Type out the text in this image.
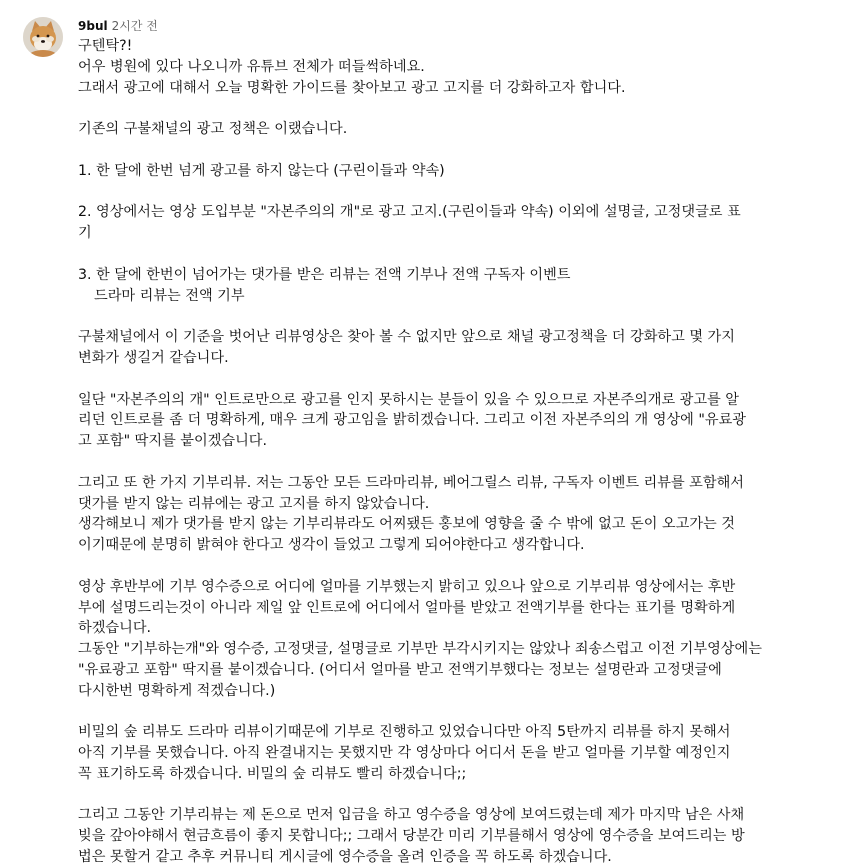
9bul 2시간 전
구텐탁?!
어우 병원에 있다 나오니까 유튜브 전체가 떠들썩하네요.
그래서 광고에 대해서 오늘 명확한 가이드를 찾아보고 광고 고지를 더 강화하고자 합니다.
기존의 구불채널의 광고 정책은 이랬습니다.
1. 한 달에 한번 넘게 광고를 하지 않는다 (구린이들과 약속)
2. 영상에서는 영상 도입부분 "자본주의의 개"로 광고 고지.(구린이들과 약속) 이외에 설명글, 고정댓글로 표
기
3. 한 달에 한번이 넘어가는 댓가를 받은 리뷰는 전액 기부나 전액 구독자 이벤트
드라마 리뷰는 전액 기부
구불채널에서 이 기준을 벗어난 리뷰영상은 찾아 볼 수 없지만 앞으로 채널 광고정책을 더 강화하고 몇 가지
변화가 생길거 같습니다.
일단 "자본주의의 개" 인트로만으로 광고를 인지 못하시는 분들이 있을 수 있으므로 자본주의개로 광고를 알
리던 인트로를 좀 더 명확하게, 매우 크게 광고임을 밝히겠습니다. 그리고 이전 자본주의의 개 영상에 "유료광
고 포함" 딱지를 붙이겠습니다.
그리고 또 한 가지 기부리뷰. 저는 그동안 모든 드라마리뷰, 베어그릴스 리뷰, 구독자 이벤트 리뷰를 포함해서
댓가를 받지 않는 리뷰에는 광고 고지를 하지 않았습니다.
생각해보니 제가 댓가를 받지 않는 기부리뷰라도 어찌됐든 홍보에 영향을 줄 수 밖에 없고 돈이 오고가는 것
이기때문에 분명히 밝혀야 한다고 생각이 들었고 그렇게 되어야한다고 생각합니다.
영상 후반부에 기부 영수증으로 어디에 얼마를 기부했는지 밝히고 있으나 앞으로 기부리뷰 영상에서는 후반
부에 설명드리는것이 아니라 제일 앞 인트로에 어디에서 얼마를 받았고 전액기부를 한다는 표기를 명확하게
하겠습니다.
그동안 "기부하는개"와 영수증, 고정댓글, 설명글로 기부만 부각시키지는 않았나 죄송스럽고 이전 기부영상에는
"유료광고 포함" 딱지를 붙이겠습니다. (어디서 얼마를 받고 전액기부했다는 정보는 설명란과 고정댓글에
다시한번 명확하게 적겠습니다.)
비밀의 숲 리뷰도 드라마 리뷰이기때문에 기부로 진행하고 있었습니다만 아직 5탄까지 리뷰를 하지 못해서
아직 기부를 못했습니다. 아직 완결내지는 못했지만 각 영상마다 어디서 돈을 받고 얼마를 기부할 예정인지
꼭 표기하도록 하겠습니다. 비밀의 숲 리뷰도 빨리 하겠습니다;;
그리고 그동안 기부리뷰는 제 돈으로 먼저 입금을 하고 영수증을 영상에 보여드렸는데 제가 마지막 남은 사채
빚을 갚아야해서 현금흐름이 좋지 못합니다;; 그래서 당분간 미리 기부를해서 영상에 영수증을 보여드리는 방
법은 못할거 같고 추후 커뮤니티 게시글에 영수증을 올려 인증을 꼭 하도록 하겠습니다.
